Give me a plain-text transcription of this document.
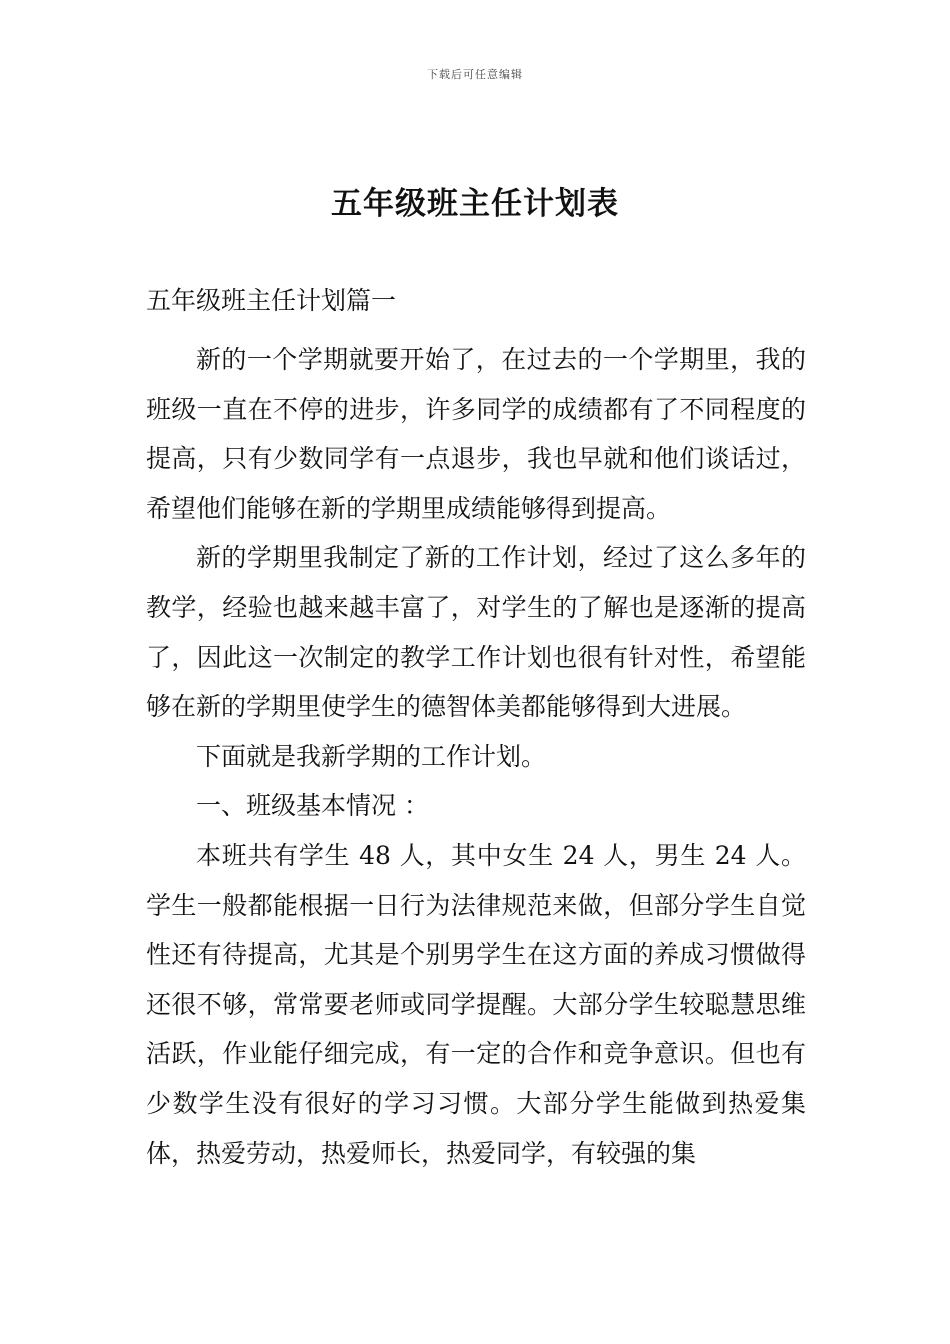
下载后可任意编辑
五年级班主任计划表
五年级班主任计划篇一

新的一个学期就要开始了，在过去的一个学期里，我的班级一直在不停的进步，许多同学的成绩都有了不同程度的提高，只有少数同学有一点退步，我也早就和他们谈话过，希望他们能够在新的学期里成绩能够得到提高。

新的学期里我制定了新的工作计划，经过了这么多年的教学，经验也越来越丰富了，对学生的了解也是逐渐的提高了，因此这一次制定的教学工作计划也很有针对性，希望能够在新的学期里使学生的德智体美都能够得到大进展。

下面就是我新学期的工作计划。

一、班级基本情况 ：

本班共有学生 48 人，其中女生 24 人，男生 24 人。学生一般都能根据一日行为法律规范来做，但部分学生自觉性还有待提高，尤其是个别男学生在这方面的养成习惯做得还很不够，常常要老师或同学提醒。大部分学生较聪慧思维活跃，作业能仔细完成，有一定的合作和竞争意识。但也有少数学生没有很好的学习习惯。大部分学生能做到热爱集体，热爱劳动，热爱师长，热爱同学，有较强的集
